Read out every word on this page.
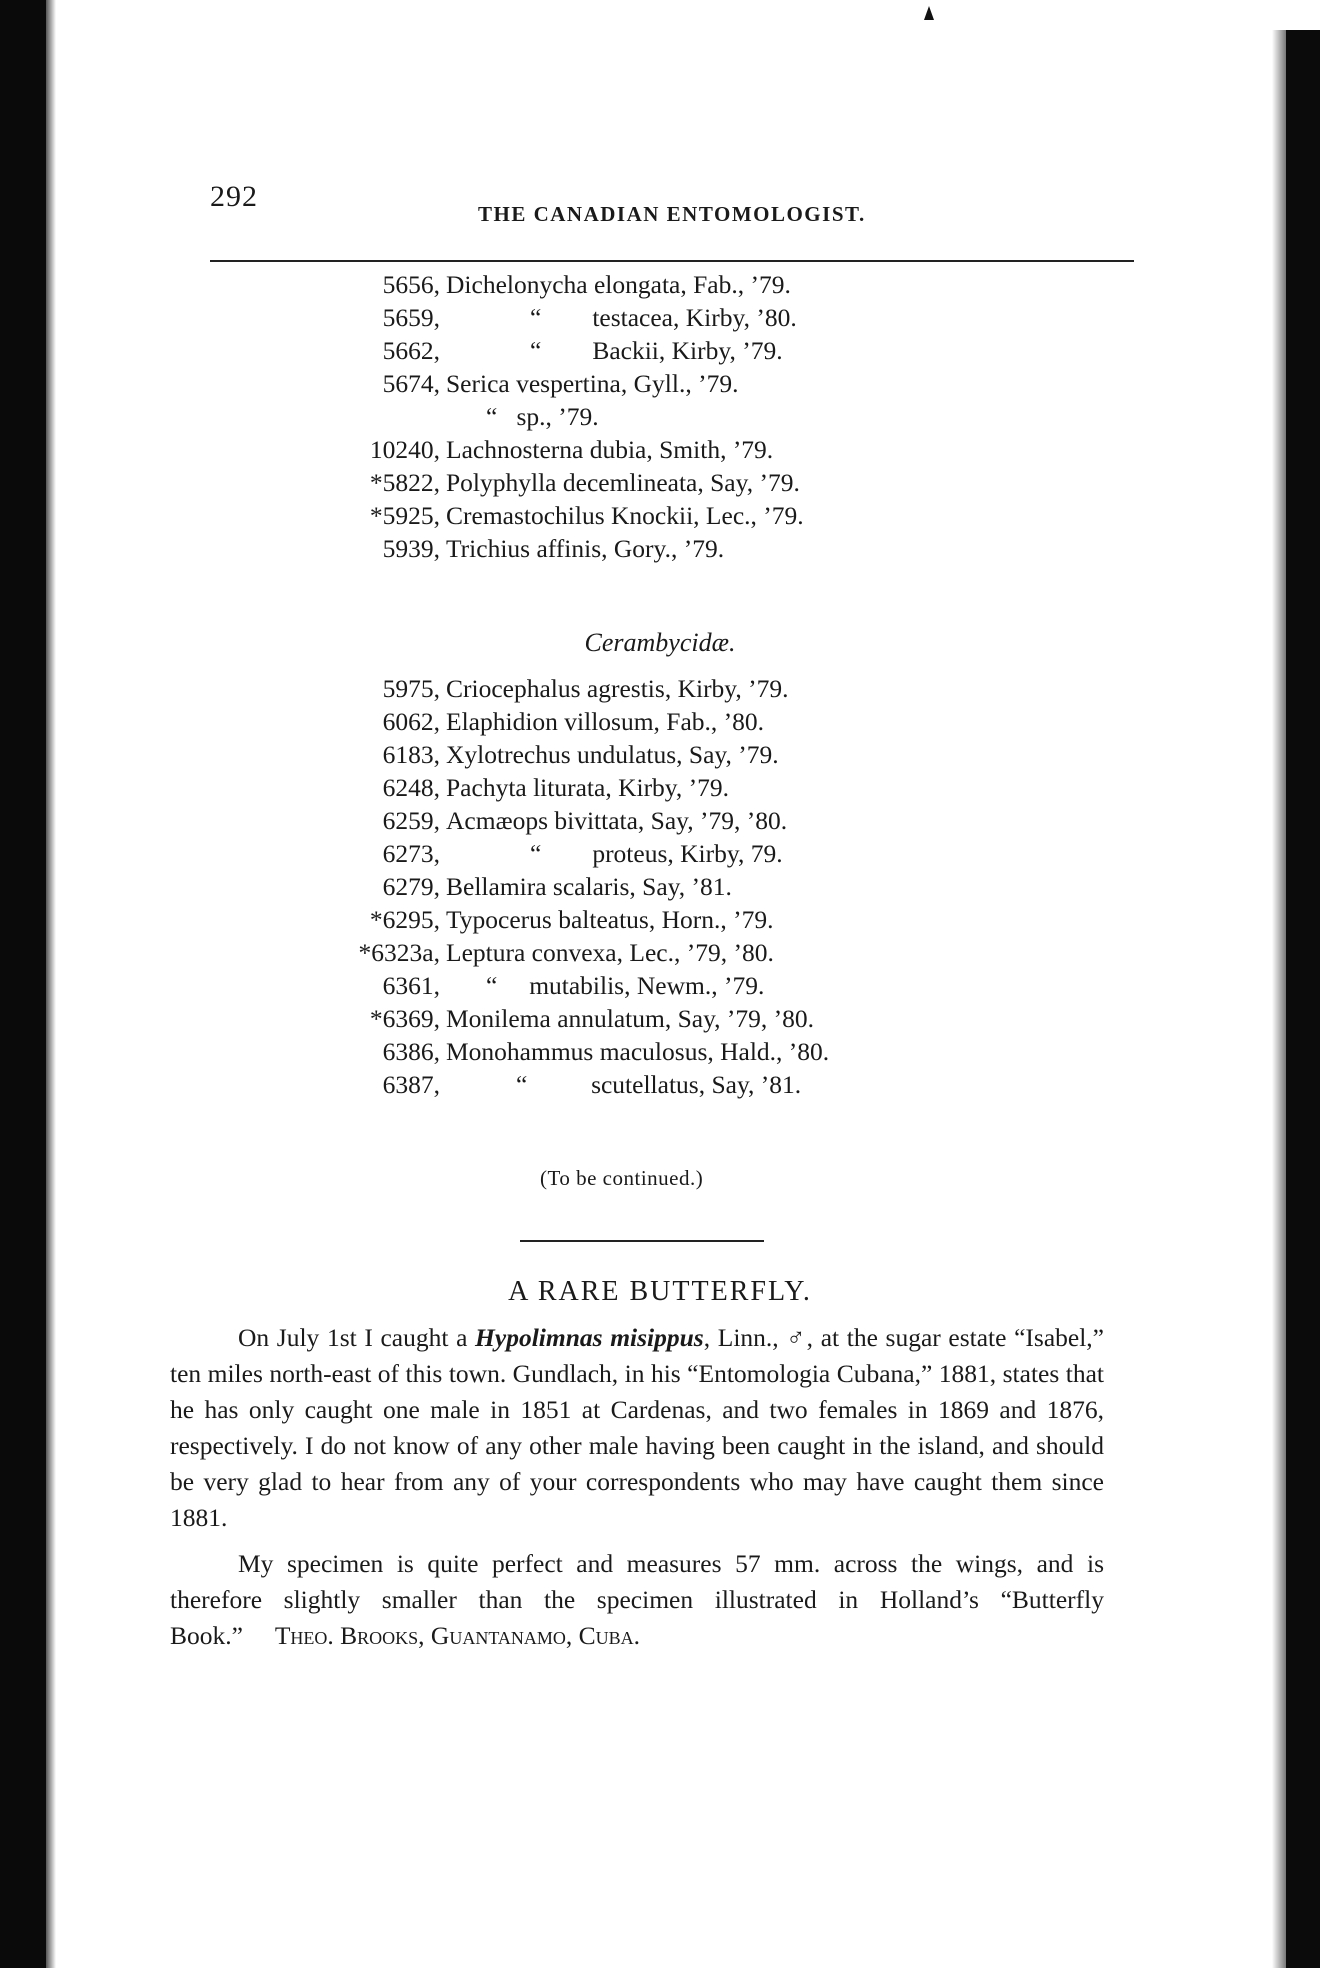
292
THE CANADIAN ENTOMOLOGIST.
5656, Dichelonycha elongata, Fab., ’79.
5659,	“        testacea, Kirby, ’80.
5662,	“        Backii, Kirby, ’79.
5674, Serica vespertina, Gyll., ’79.
“   sp., ’79.
10240, Lachnosterna dubia, Smith, ’79.
*5822, Polyphylla decemlineata, Say, ’79.
*5925, Cremastochilus Knockii, Lec., ’79.
5939, Trichius affinis, Gory., ’79.
Cerambycidæ.
5975, Criocephalus agrestis, Kirby, ’79.
6062, Elaphidion villosum, Fab., ’80.
6183, Xylotrechus undulatus, Say, ’79.
6248, Pachyta liturata, Kirby, ’79.
6259, Acmæops bivittata, Say, ’79, ’80.
6273,	“        proteus, Kirby, 79.
6279, Bellamira scalaris, Say, ’81.
*6295, Typocerus balteatus, Horn., ’79.
*6323a, Leptura convexa, Lec., ’79, ’80.
6361, “     mutabilis, Newm., ’79.
*6369, Monilema annulatum, Say, ’79, ’80.
6386, Monohammus maculosus, Hald., ’80.
6387,	“          scutellatus, Say, ’81.
(To be continued.)
A RARE BUTTERFLY.

On July 1st I caught a Hypolimnas misippus, Linn., ♂, at the sugar estate “Isabel,” ten miles north-east of this town. Gundlach, in his “Entomologia Cubana,” 1881, states that he has only caught one male in 1851 at Cardenas, and two females in 1869 and 1876, respectively. I do not know of any other male having been caught in the island, and should be very glad to hear from any of your correspondents who may have caught them since 1881.

My specimen is quite perfect and measures 57 mm. across the wings, and is therefore slightly smaller than the specimen illustrated in Holland’s “Butterfly Book.” Theo. Brooks, Guantanamo, Cuba.
